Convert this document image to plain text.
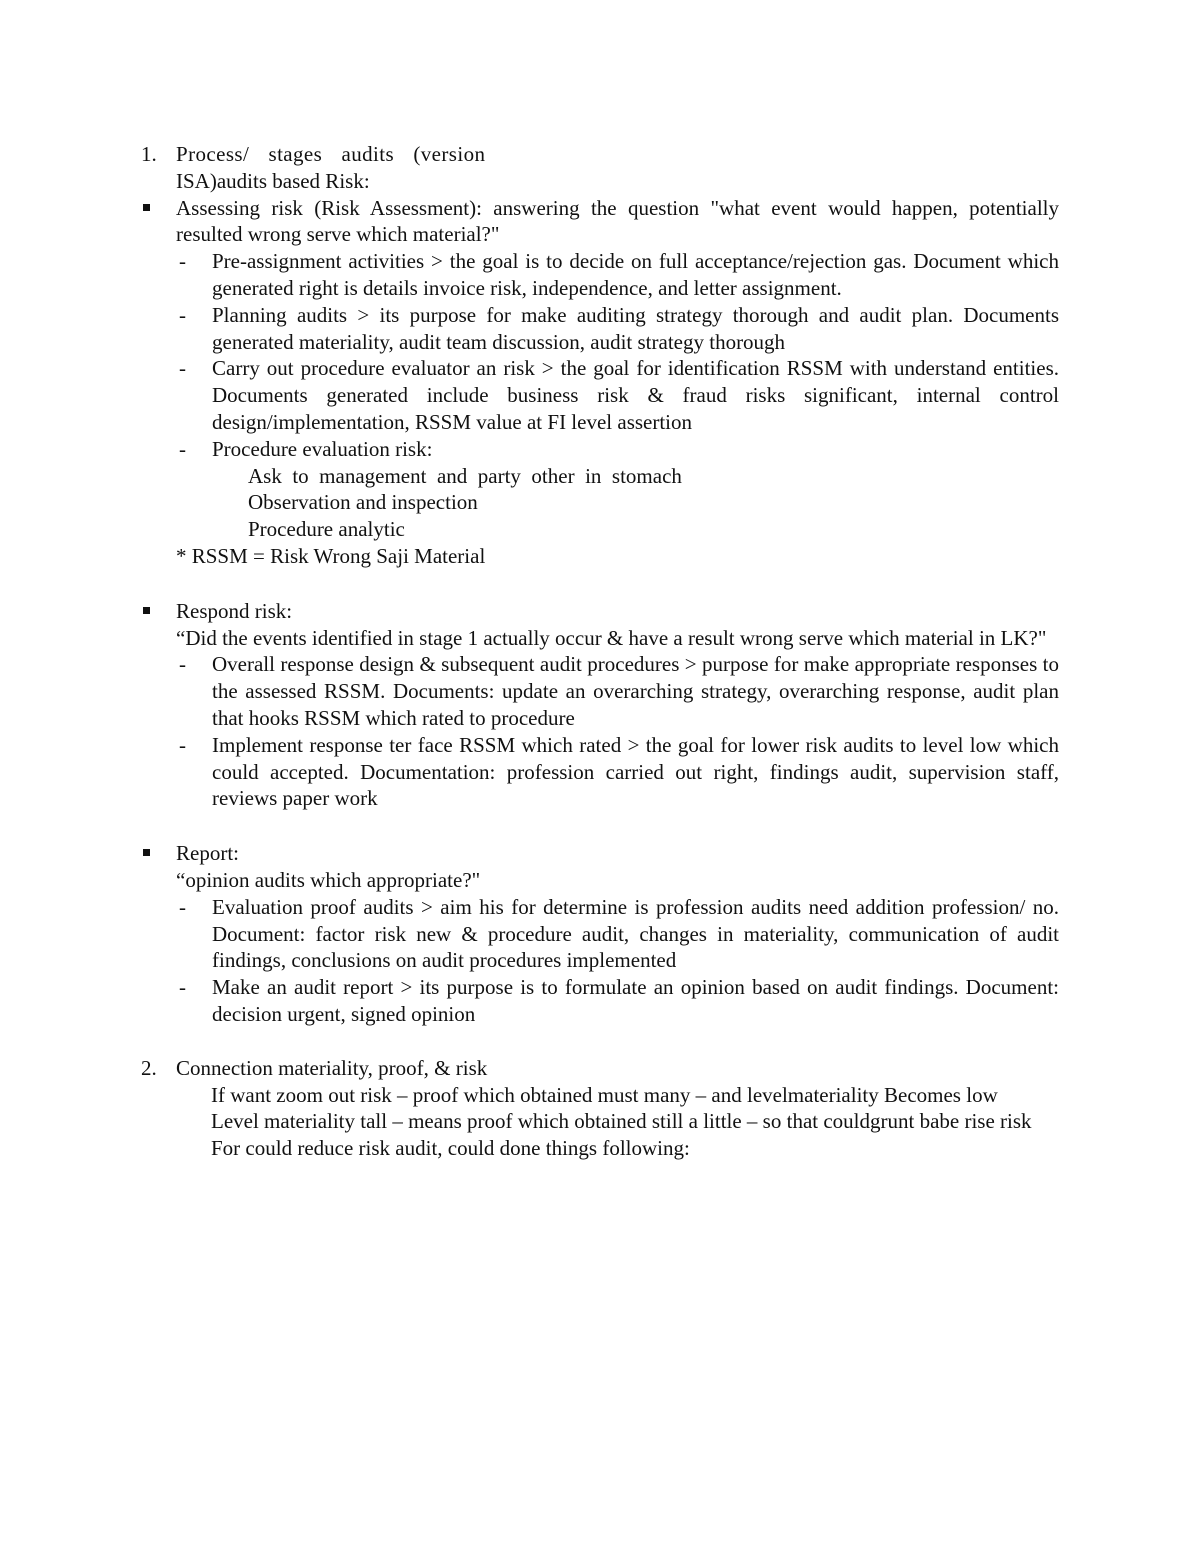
1. Process/  stages  audits  (version
ISA)audits based Risk:
Assessing risk (Risk Assessment): answering the question "what event would happen, potentially resulted wrong serve which material?"
- Pre-assignment activities > the goal is to decide on full acceptance/rejection gas. Document which generated right is details invoice risk, independence, and letter assignment.
- Planning audits > its purpose for make auditing strategy thorough and audit plan. Documents generated materiality, audit team discussion, audit strategy thorough
- Carry out procedure evaluator an risk > the goal for identification RSSM with understand entities. Documents generated include business risk & fraud risks significant, internal control design/implementation, RSSM value at FI level assertion
- Procedure evaluation risk:
Ask  to  management  and  party  other  in  stomach
Observation and inspection
Procedure analytic
* RSSM = Risk Wrong Saji Material
Respond risk:
“Did the events identified in stage 1 actually occur & have a result wrong serve which material in LK?"
- Overall response design & subsequent audit procedures > purpose for make appropriate responses to the assessed RSSM. Documents: update an overarching strategy, overarching response, audit plan that hooks RSSM which rated to procedure
- Implement response ter face RSSM which rated > the goal for lower risk audits to level low which could accepted. Documentation: profession carried out right, findings audit, supervision staff, reviews paper work
Report:
“opinion audits which appropriate?"
- Evaluation proof audits > aim his for determine is profession audits need addition profession/ no. Document: factor risk new & procedure audit, changes in materiality, communication of audit findings, conclusions on audit procedures implemented
- Make an audit report > its purpose is to formulate an opinion based on audit findings. Document: decision urgent, signed opinion
2. Connection materiality, proof, & risk
If want zoom out risk – proof which obtained must many – and levelmateriality Becomes low
Level materiality tall – means proof which obtained still a little – so that couldgrunt babe rise risk
For could reduce risk audit, could done things following:
